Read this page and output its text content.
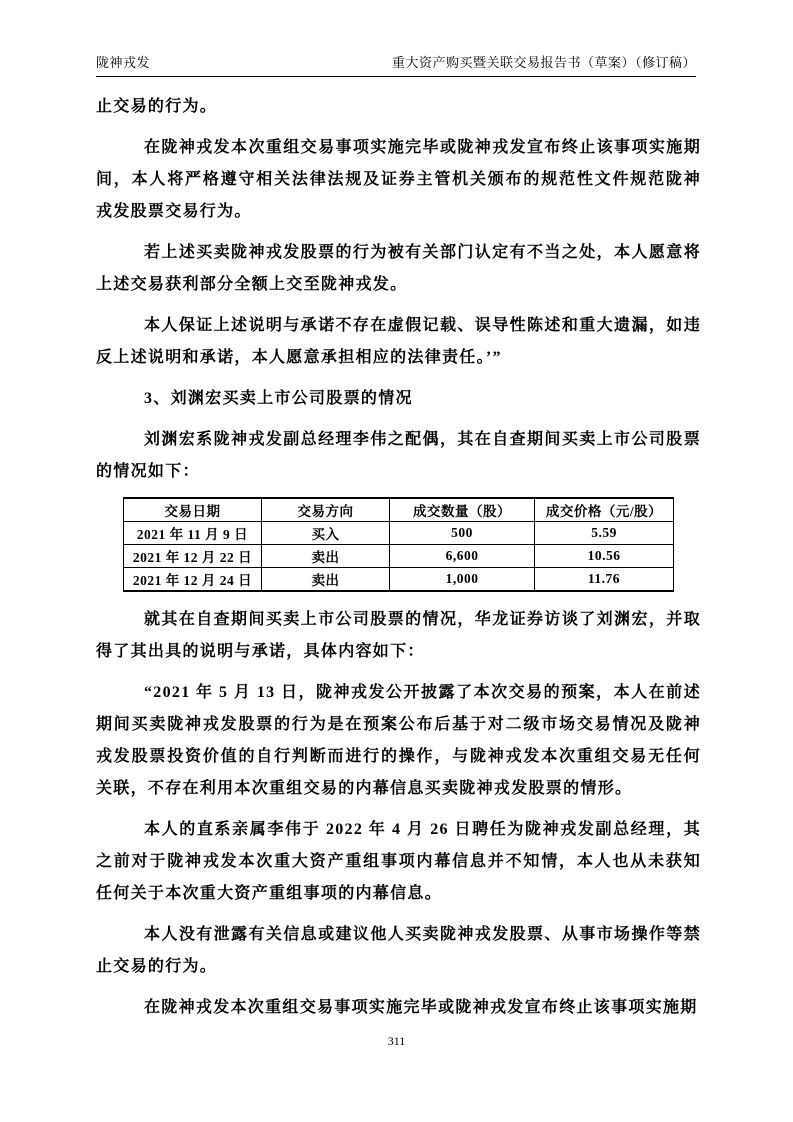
陇神戎发	重大资产购买暨关联交易报告书（草案）（修订稿）

止交易的行为。

在陇神戎发本次重组交易事项实施完毕或陇神戎发宣布终止该事项实施期间，本人将严格遵守相关法律法规及证券主管机关颁布的规范性文件规范陇神戎发股票交易行为。

若上述买卖陇神戎发股票的行为被有关部门认定有不当之处，本人愿意将上述交易获利部分全额上交至陇神戎发。

本人保证上述说明与承诺不存在虚假记载、误导性陈述和重大遗漏，如违反上述说明和承诺，本人愿意承担相应的法律责任。’”

3、刘渊宏买卖上市公司股票的情况

刘渊宏系陇神戎发副总经理李伟之配偶，其在自查期间买卖上市公司股票的情况如下：

交易日期	交易方向	成交数量（股）	成交价格（元/股）
2021 年 11 月 9 日	买入	500	5.59
2021 年 12 月 22 日	卖出	6,600	10.56
2021 年 12 月 24 日	卖出	1,000	11.76

就其在自查期间买卖上市公司股票的情况，华龙证券访谈了刘渊宏，并取得了其出具的说明与承诺，具体内容如下：

“2021 年 5 月 13 日，陇神戎发公开披露了本次交易的预案，本人在前述期间买卖陇神戎发股票的行为是在预案公布后基于对二级市场交易情况及陇神戎发股票投资价值的自行判断而进行的操作，与陇神戎发本次重组交易无任何关联，不存在利用本次重组交易的内幕信息买卖陇神戎发股票的情形。

本人的直系亲属李伟于 2022 年 4 月 26 日聘任为陇神戎发副总经理，其之前对于陇神戎发本次重大资产重组事项内幕信息并不知情，本人也从未获知任何关于本次重大资产重组事项的内幕信息。

本人没有泄露有关信息或建议他人买卖陇神戎发股票、从事市场操作等禁止交易的行为。

在陇神戎发本次重组交易事项实施完毕或陇神戎发宣布终止该事项实施期

311
